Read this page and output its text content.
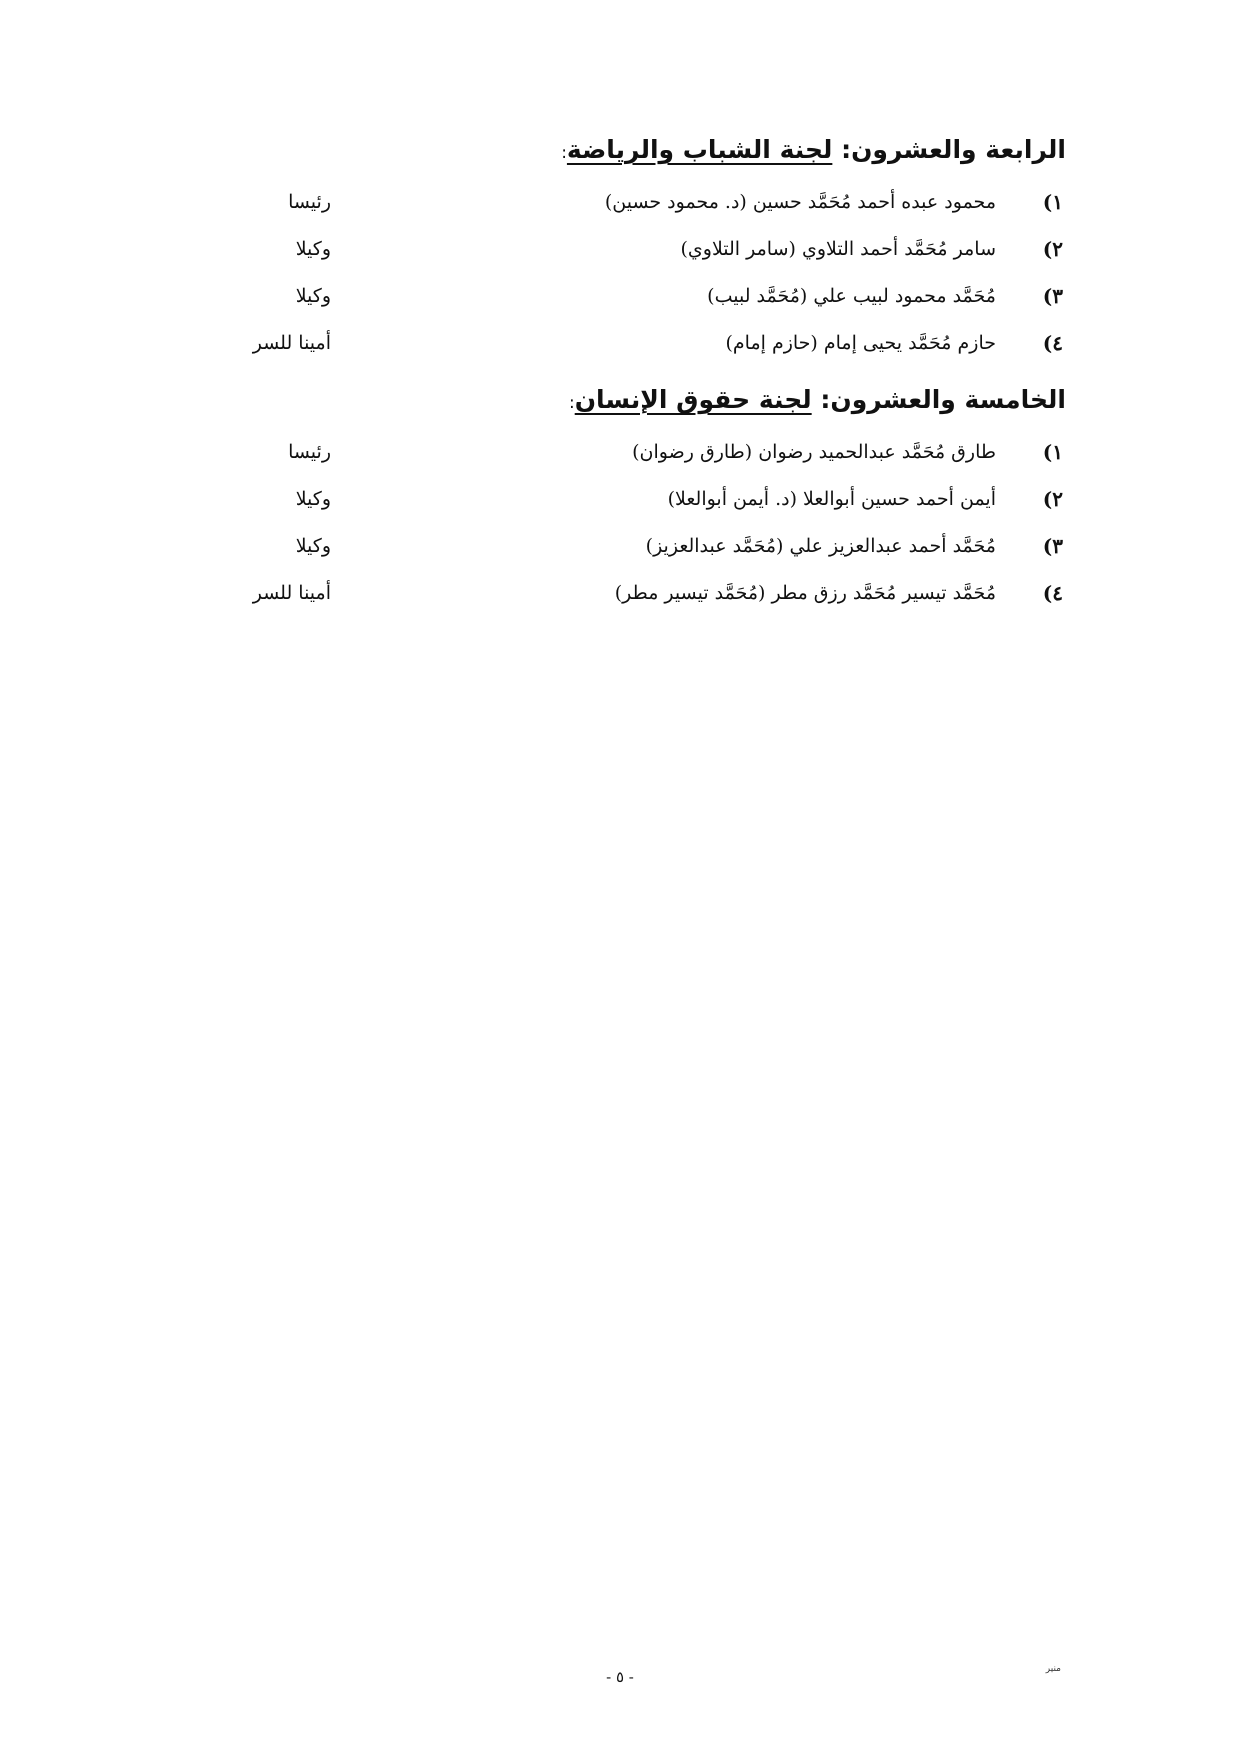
الرابعة والعشرون: لجنة الشباب والرياضة:
١)
محمود عبده أحمد مُحَمَّد حسين (د. محمود حسين)
رئيسا
٢)
سامر مُحَمَّد أحمد التلاوي (سامر التلاوي)
وكيلا
٣)
مُحَمَّد محمود لبيب علي (مُحَمَّد لبيب)
وكيلا
٤)
حازم مُحَمَّد يحيى إمام (حازم إمام)
أمينا للسر
الخامسة والعشرون: لجنة حقوق الإنسان:
١)
طارق مُحَمَّد عبدالحميد رضوان (طارق رضوان)
رئيسا
٢)
أيمن أحمد حسين أبوالعلا (د. أيمن أبوالعلا)
وكيلا
٣)
مُحَمَّد أحمد عبدالعزيز علي (مُحَمَّد عبدالعزيز)
وكيلا
٤)
مُحَمَّد تيسير مُحَمَّد رزق مطر (مُحَمَّد تيسير مطر)
أمينا للسر
- ٥ -	منير
